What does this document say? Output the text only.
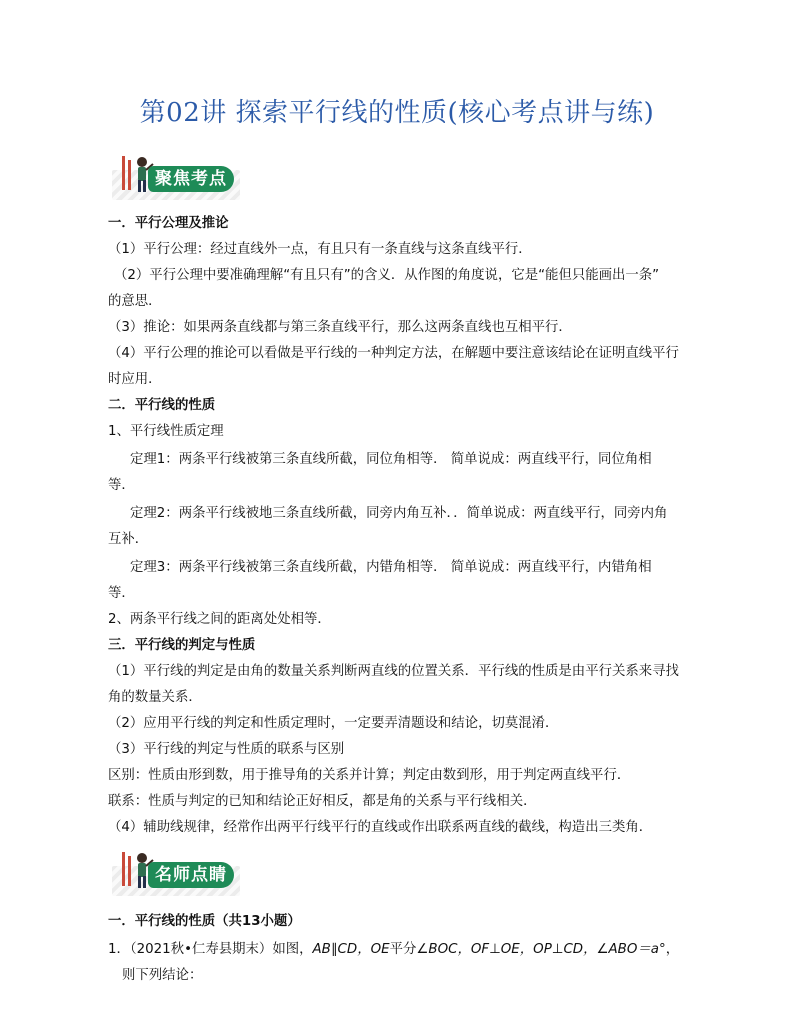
第02讲 探索平行线的性质(核心考点讲与练)
聚焦考点
一．平行公理及推论
（1）平行公理：经过直线外一点，有且只有一条直线与这条直线平行．
（2）平行公理中要准确理解“有且只有”的含义．从作图的角度说，它是“能但只能画出一条”
的意思．
（3）推论：如果两条直线都与第三条直线平行，那么这两条直线也互相平行．
（4）平行公理的推论可以看做是平行线的一种判定方法，在解题中要注意该结论在证明直线平行
时应用．
二．平行线的性质
1、平行线性质定理
定理1：两条平行线被第三条直线所截，同位角相等． 简单说成：两直线平行，同位角相
等．
定理2：两条平行线被地三条直线所截，同旁内角互补．．简单说成：两直线平行，同旁内角
互补．
定理3：两条平行线被第三条直线所截，内错角相等． 简单说成：两直线平行，内错角相
等．
2、两条平行线之间的距离处处相等．
三．平行线的判定与性质
（1）平行线的判定是由角的数量关系判断两直线的位置关系．平行线的性质是由平行关系来寻找
角的数量关系．
（2）应用平行线的判定和性质定理时，一定要弄清题设和结论，切莫混淆．
（3）平行线的判定与性质的联系与区别
区别：性质由形到数，用于推导角的关系并计算；判定由数到形，用于判定两直线平行．
联系：性质与判定的已知和结论正好相反，都是角的关系与平行线相关．
（4）辅助线规律，经常作出两平行线平行的直线或作出联系两直线的截线，构造出三类角．
名师点睛
一．平行线的性质（共13小题）
1．（2021秋•仁寿县期末）如图，AB∥CD，OE平分∠BOC，OF⊥OE，OP⊥CD，∠ABO＝a°，
则下列结论：
